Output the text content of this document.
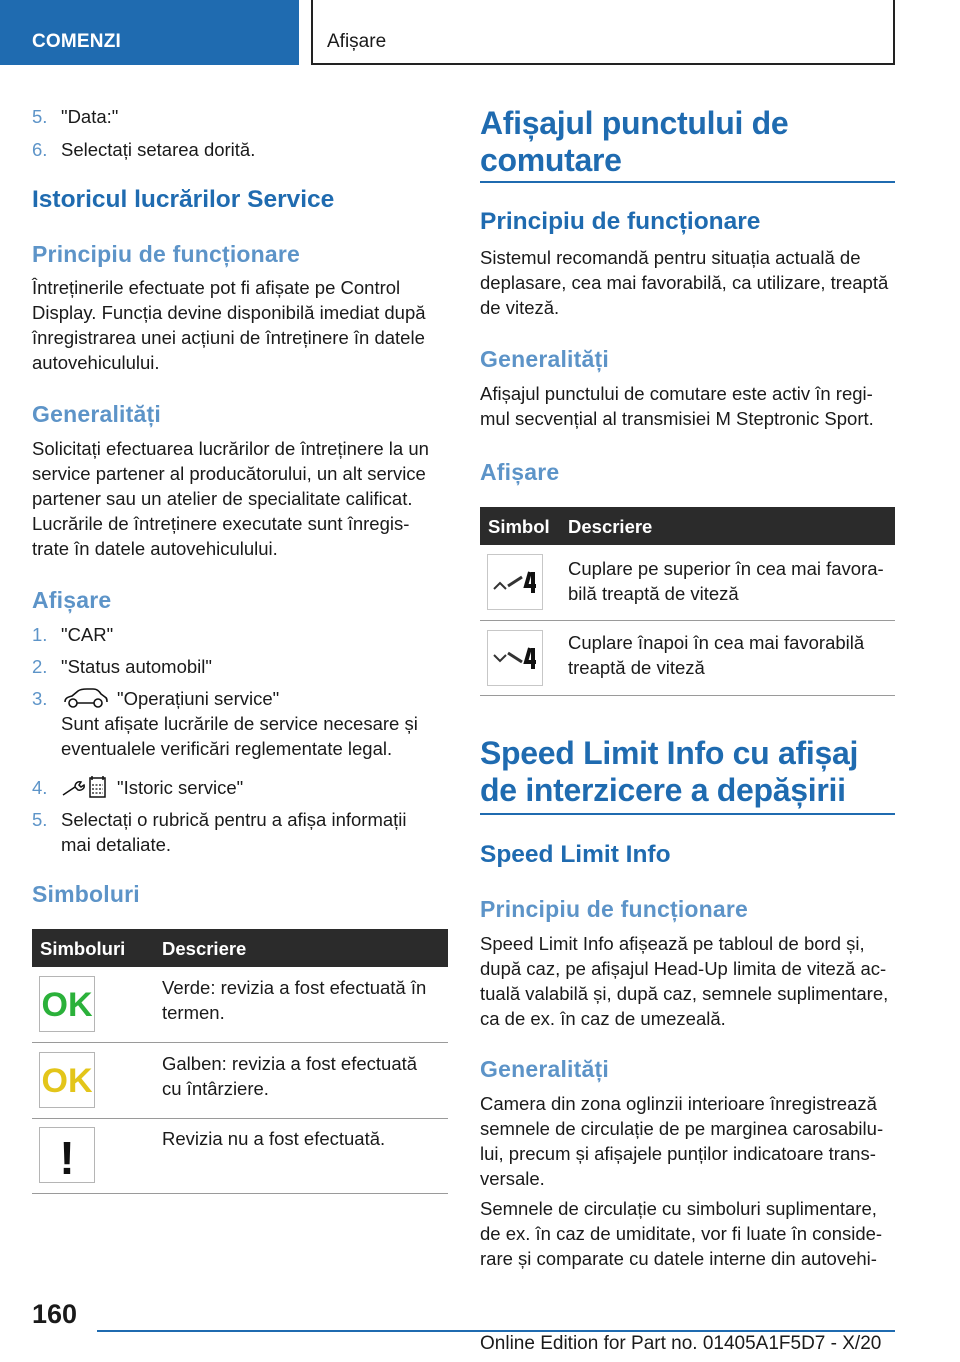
COMENZI	Afișare
5. "Data:"
6. Selectați setarea dorită.
Istoricul lucrărilor Service
Principiu de funcționare
Întreținerile efectuate pot fi afișate pe Control
Display. Funcția devine disponibilă imediat după
înregistrarea unei acțiuni de întreținere în datele
autovehiculului.
Generalități
Solicitați efectuarea lucrărilor de întreținere la un
service partener al producătorului, un alt service
partener sau un atelier de specialitate calificat.
Lucrările de întreținere executate sunt înregis-
trate în datele autovehiculului.
Afișare
1. "CAR"
2. "Status automobil"
3.	"Operațiuni service"
Sunt afișate lucrările de service necesare și
eventualele verificări reglementate legal.
4.	"Istoric service"
5. Selectați o rubrică pentru a afișa informații
mai detaliate.
Simboluri
Simboluri Descriere
OK	Verde: revizia a fost efectuată în
termen.
OK	Galben: revizia a fost efectuată
cu întârziere.
!	Revizia nu a fost efectuată.
Afișajul punctului de
comutare
Principiu de funcționare
Sistemul recomandă pentru situația actuală de
deplasare, cea mai favorabilă, ca utilizare, treaptă
de viteză.
Generalități
Afișajul punctului de comutare este activ în regi-
mul secvențial al transmisiei M Steptronic Sport.
Afișare
Simbol Descriere
Cuplare pe superior în cea mai favora-
bilă treaptă de viteză
Cuplare înapoi în cea mai favorabilă
treaptă de viteză
Speed Limit Info cu afișaj
de interzicere a depășirii
Speed Limit Info
Principiu de funcționare
Speed Limit Info afișează pe tabloul de bord și,
după caz, pe afișajul Head-Up limita de viteză ac-
tuală valabilă și, după caz, semnele suplimentare,
ca de ex. în caz de umezeală.
Generalități
Camera din zona oglinzii interioare înregistrează
semnele de circulație de pe marginea carosabilu-
lui, precum și afișajele punților indicatoare trans-
versale.
Semnele de circulație cu simboluri suplimentare,
de ex. în caz de umiditate, vor fi luate în conside-
rare și comparate cu datele interne din autovehi-
160
Online Edition for Part no. 01405A1F5D7 - X/20
